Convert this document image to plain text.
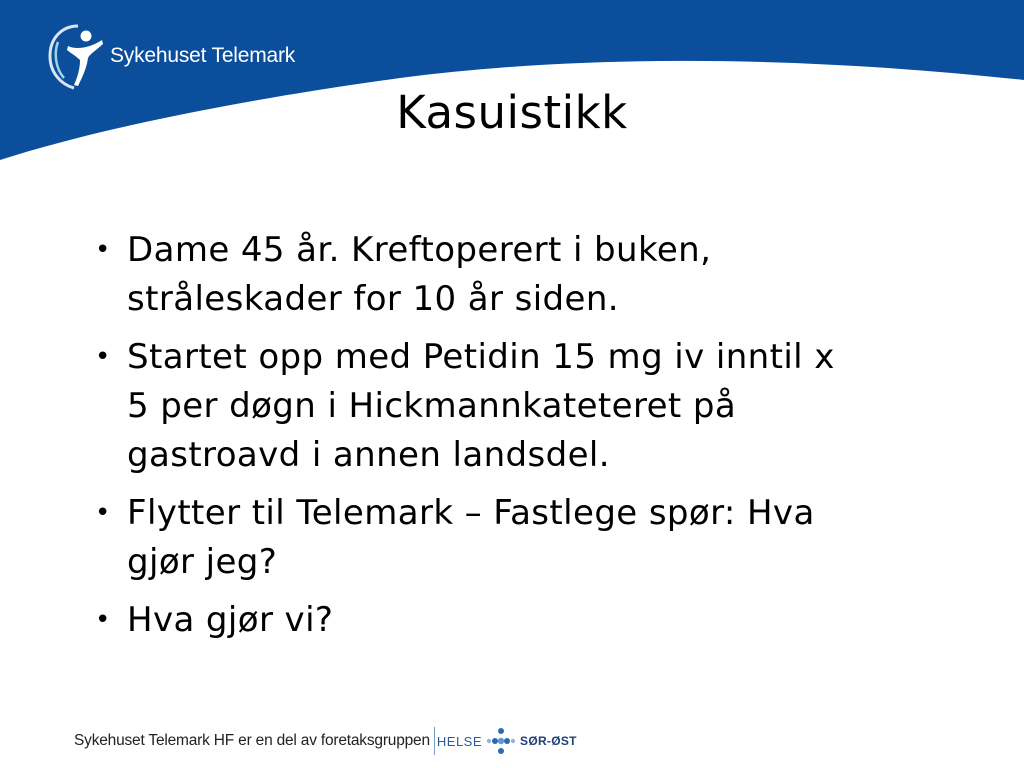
Sykehuset Telemark
Kasuistikk
• Dame 45 år. Kreftoperert i buken,
stråleskader for 10 år siden.
• Startet opp med Petidin 15 mg iv inntil x
5 per døgn i Hickmannkateteret på
gastroavd i annen landsdel.
• Flytter til Telemark – Fastlege spør: Hva
gjør jeg?
• Hva gjør vi?
Sykehuset Telemark HF er en del av foretaksgruppen HELSE	SØR-ØST
